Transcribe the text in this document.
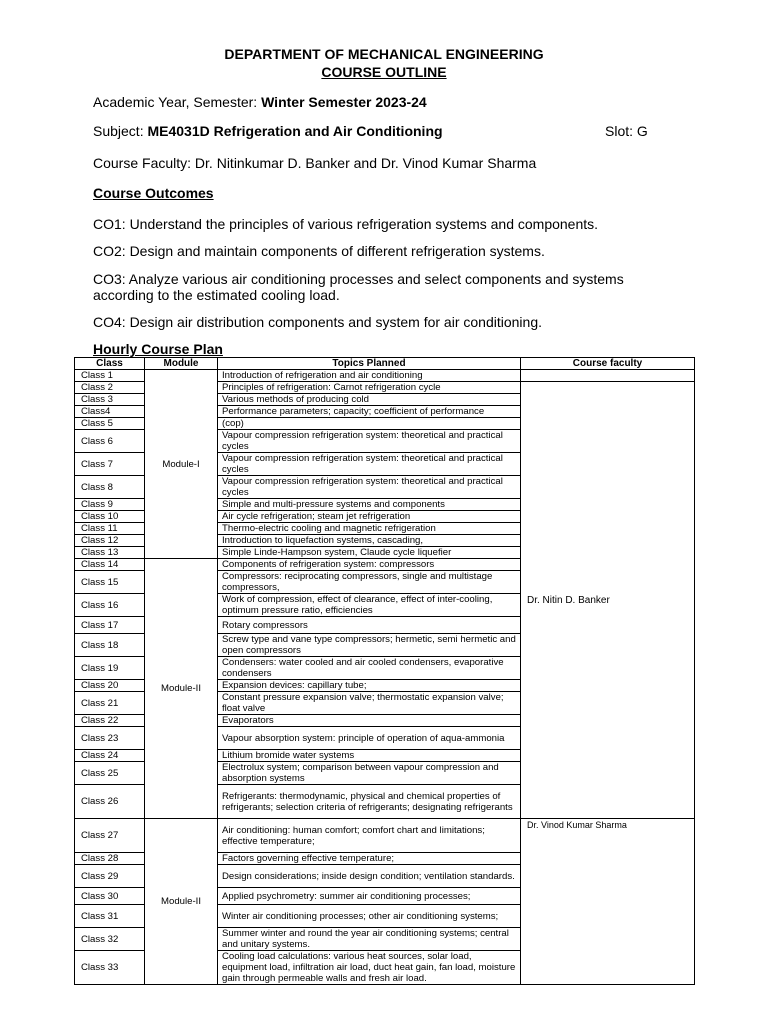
DEPARTMENT OF MECHANICAL ENGINEERING
COURSE OUTLINE
Academic Year, Semester: Winter Semester 2023-24
Subject: ME4031D Refrigeration and Air Conditioning	Slot: G
Course Faculty: Dr. Nitinkumar D. Banker and Dr. Vinod Kumar Sharma
Course Outcomes
CO1: Understand the principles of various refrigeration systems and components.
CO2: Design and maintain components of different refrigeration systems.
CO3: Analyze various air conditioning processes and select components and systems according to the estimated cooling load.
CO4: Design air distribution components and system for air conditioning.
Hourly Course Plan
Class	Module	Topics Planned	Course faculty
Class 1	Module-I	Introduction of refrigeration and air conditioning	
Class 2		Principles of refrigeration: Carnot refrigeration cycle	Dr. Nitin D. Banker
Class 3		Various methods of producing cold	
Class4		Performance parameters; capacity; coefficient of performance	
Class 5		(cop)	
Class 6		Vapour compression refrigeration system: theoretical and practical cycles	
Class 7		Vapour compression refrigeration system: theoretical and practical cycles	
Class 8		Vapour compression refrigeration system: theoretical and practical cycles	
Class 9		Simple and multi-pressure systems and components	
Class 10		Air cycle refrigeration; steam jet refrigeration	
Class 11		Thermo-electric cooling and magnetic refrigeration	
Class 12		Introduction to liquefaction systems, cascading,	
Class 13		Simple Linde-Hampson system, Claude cycle liquefier	
Class 14	Module-II	Components of refrigeration system: compressors	
Class 15		Compressors: reciprocating compressors, single and multistage compressors,	
Class 16		Work of compression, effect of clearance, effect of inter-cooling, optimum pressure ratio, efficiencies	
Class 17		Rotary compressors	
Class 18		Screw type and vane type compressors; hermetic, semi hermetic and open compressors	
Class 19		Condensers: water cooled and air cooled condensers, evaporative condensers	
Class 20		Expansion devices: capillary tube;	
Class 21		Constant pressure expansion valve; thermostatic expansion valve; float valve	
Class 22		Evaporators	
Class 23		Vapour absorption system: principle of operation of aqua-ammonia	
Class 24		Lithium bromide water systems	
Class 25		Electrolux system; comparison between vapour compression and absorption systems	
Class 26		Refrigerants: thermodynamic, physical and chemical properties of refrigerants; selection criteria of refrigerants; designating refrigerants	
Class 27	Module-II	Air conditioning: human comfort; comfort chart and limitations; effective temperature;	Dr. Vinod Kumar Sharma
Class 28		Factors governing effective temperature;	
Class 29		Design considerations; inside design condition; ventilation standards.	
Class 30		Applied psychrometry: summer air conditioning processes;	
Class 31		Winter air conditioning processes; other air conditioning systems;	
Class 32		Summer winter and round the year air conditioning systems; central and unitary systems.	
Class 33		Cooling load calculations: various heat sources, solar load, equipment load, infiltration air load, duct heat gain, fan load, moisture gain through permeable walls and fresh air load.	
